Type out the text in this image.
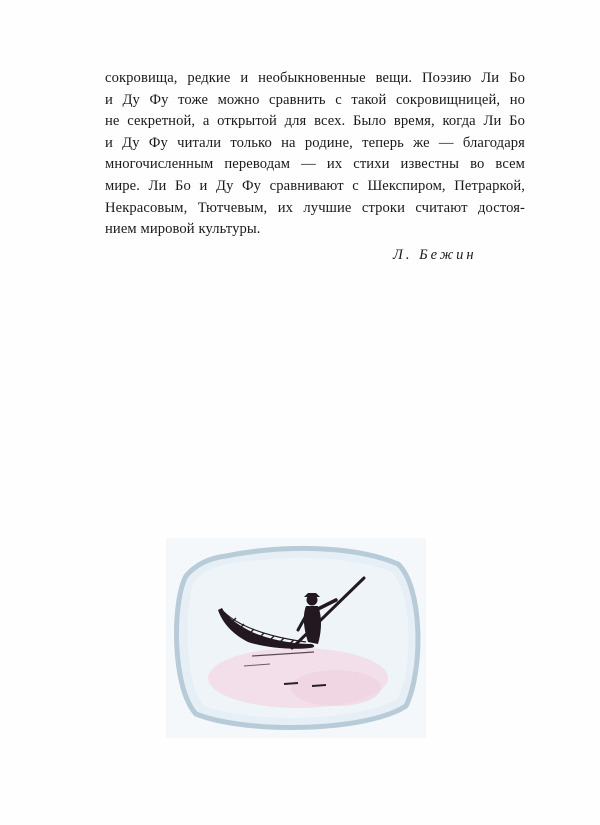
сокровища, редкие и необыкновенные вещи. Поэзию Ли Бо
и Ду Фу тоже можно сравнить с такой сокровищницей, но
не секретной, а открытой для всех. Было время, когда Ли Бо
и Ду Фу читали только на родине, теперь же — благодаря
многочисленным переводам — их стихи известны во всем
мире. Ли Бо и Ду Фу сравнивают с Шекспиром, Петраркой,
Некрасовым, Тютчевым, их лучшие строки считают достоя-
нием мировой культуры.
Л. Бежин
